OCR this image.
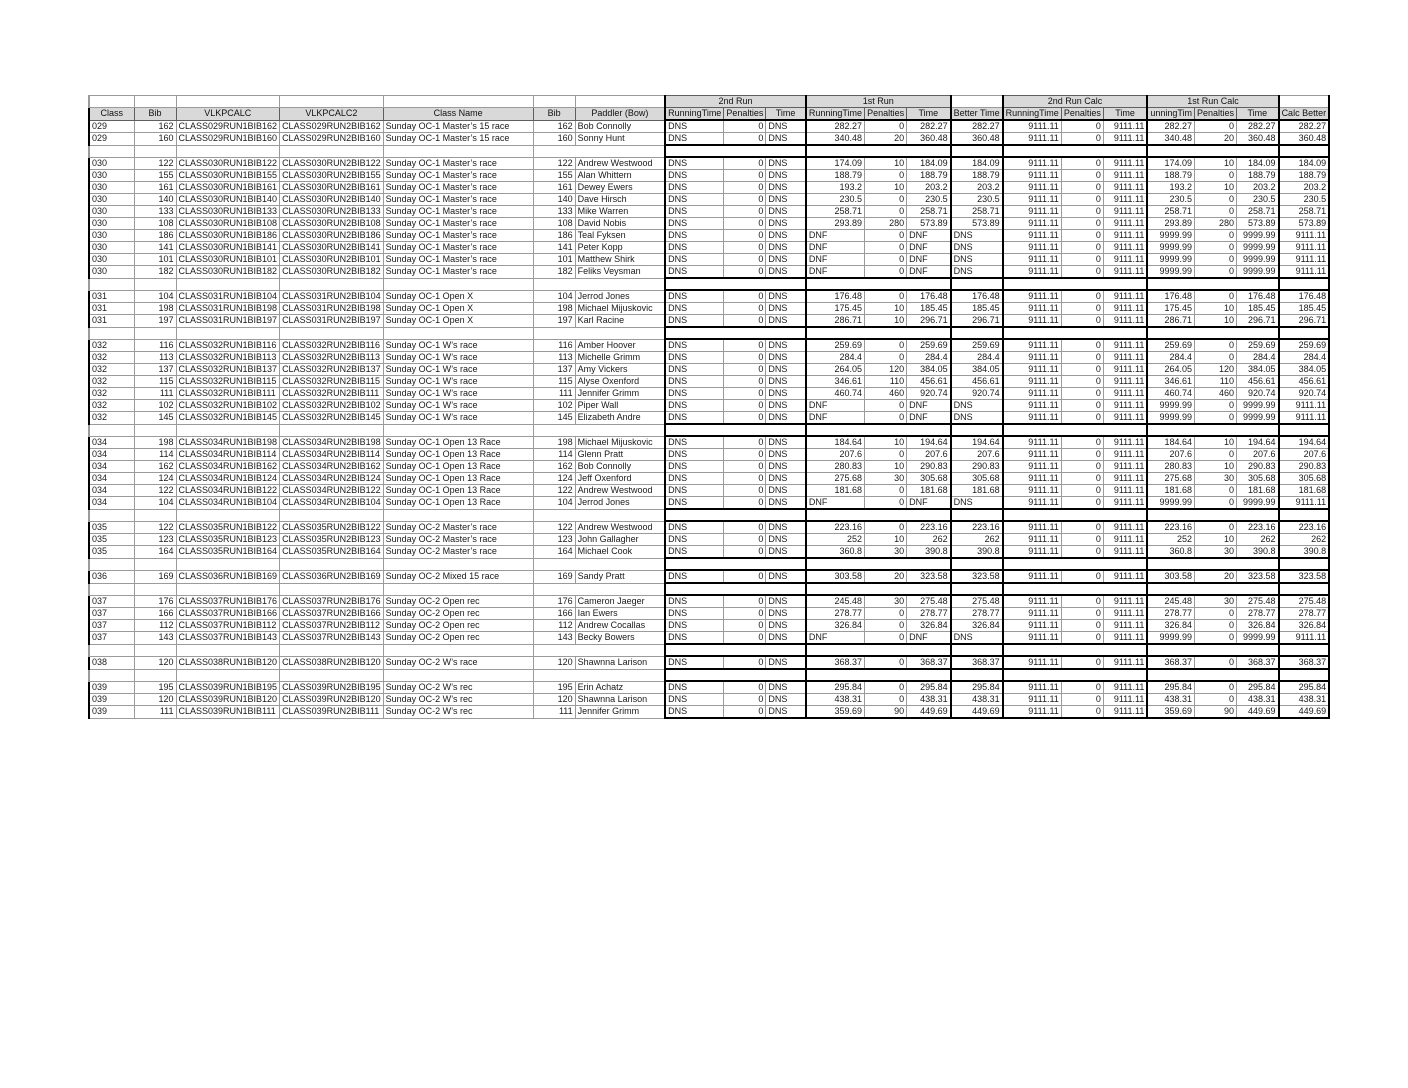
							2nd Run			1st Run				2nd Run Calc			1st Run Calc			
Class	Bib	VLKPCALC	VLKPCALC2	Class Name	Bib	Paddler (Bow)	RunningTime	Penalties	Time	RunningTime	Penalties	Time	Better Time	RunningTime	Penalties	Time	unningTim	Penalties	Time	Calc Better
029	162	CLASS029RUN1BIB162	CLASS029RUN2BIB162	Sunday OC-1 Master’s 15 race	162	Bob Connolly	DNS	0	DNS	282.27	0	282.27	282.27	9111.11	0	9111.11	282.27	0	282.27	282.27
029	160	CLASS029RUN1BIB160	CLASS029RUN2BIB160	Sunday OC-1 Master’s 15 race	160	Sonny Hunt	DNS	0	DNS	340.48	20	360.48	360.48	9111.11	0	9111.11	340.48	20	360.48	360.48

030	122	CLASS030RUN1BIB122	CLASS030RUN2BIB122	Sunday OC-1 Master’s race	122	Andrew Westwood	DNS	0	DNS	174.09	10	184.09	184.09	9111.11	0	9111.11	174.09	10	184.09	184.09
030	155	CLASS030RUN1BIB155	CLASS030RUN2BIB155	Sunday OC-1 Master’s race	155	Alan Whittern	DNS	0	DNS	188.79	0	188.79	188.79	9111.11	0	9111.11	188.79	0	188.79	188.79
030	161	CLASS030RUN1BIB161	CLASS030RUN2BIB161	Sunday OC-1 Master’s race	161	Dewey Ewers	DNS	0	DNS	193.2	10	203.2	203.2	9111.11	0	9111.11	193.2	10	203.2	203.2
030	140	CLASS030RUN1BIB140	CLASS030RUN2BIB140	Sunday OC-1 Master’s race	140	Dave Hirsch	DNS	0	DNS	230.5	0	230.5	230.5	9111.11	0	9111.11	230.5	0	230.5	230.5
030	133	CLASS030RUN1BIB133	CLASS030RUN2BIB133	Sunday OC-1 Master’s race	133	Mike Warren	DNS	0	DNS	258.71	0	258.71	258.71	9111.11	0	9111.11	258.71	0	258.71	258.71
030	108	CLASS030RUN1BIB108	CLASS030RUN2BIB108	Sunday OC-1 Master’s race	108	David Nobis	DNS	0	DNS	293.89	280	573.89	573.89	9111.11	0	9111.11	293.89	280	573.89	573.89
030	186	CLASS030RUN1BIB186	CLASS030RUN2BIB186	Sunday OC-1 Master’s race	186	Teal Fyksen	DNS	0	DNS	DNF	0	DNF	DNS	9111.11	0	9111.11	9999.99	0	9999.99	9111.11
030	141	CLASS030RUN1BIB141	CLASS030RUN2BIB141	Sunday OC-1 Master’s race	141	Peter Kopp	DNS	0	DNS	DNF	0	DNF	DNS	9111.11	0	9111.11	9999.99	0	9999.99	9111.11
030	101	CLASS030RUN1BIB101	CLASS030RUN2BIB101	Sunday OC-1 Master’s race	101	Matthew Shirk	DNS	0	DNS	DNF	0	DNF	DNS	9111.11	0	9111.11	9999.99	0	9999.99	9111.11
030	182	CLASS030RUN1BIB182	CLASS030RUN2BIB182	Sunday OC-1 Master’s race	182	Feliks Veysman	DNS	0	DNS	DNF	0	DNF	DNS	9111.11	0	9111.11	9999.99	0	9999.99	9111.11

031	104	CLASS031RUN1BIB104	CLASS031RUN2BIB104	Sunday OC-1 Open X	104	Jerrod Jones	DNS	0	DNS	176.48	0	176.48	176.48	9111.11	0	9111.11	176.48	0	176.48	176.48
031	198	CLASS031RUN1BIB198	CLASS031RUN2BIB198	Sunday OC-1 Open X	198	Michael Mijuskovic	DNS	0	DNS	175.45	10	185.45	185.45	9111.11	0	9111.11	175.45	10	185.45	185.45
031	197	CLASS031RUN1BIB197	CLASS031RUN2BIB197	Sunday OC-1 Open X	197	Karl Racine	DNS	0	DNS	286.71	10	296.71	296.71	9111.11	0	9111.11	286.71	10	296.71	296.71

032	116	CLASS032RUN1BIB116	CLASS032RUN2BIB116	Sunday OC-1 W’s race	116	Amber Hoover	DNS	0	DNS	259.69	0	259.69	259.69	9111.11	0	9111.11	259.69	0	259.69	259.69
032	113	CLASS032RUN1BIB113	CLASS032RUN2BIB113	Sunday OC-1 W’s race	113	Michelle Grimm	DNS	0	DNS	284.4	0	284.4	284.4	9111.11	0	9111.11	284.4	0	284.4	284.4
032	137	CLASS032RUN1BIB137	CLASS032RUN2BIB137	Sunday OC-1 W’s race	137	Amy Vickers	DNS	0	DNS	264.05	120	384.05	384.05	9111.11	0	9111.11	264.05	120	384.05	384.05
032	115	CLASS032RUN1BIB115	CLASS032RUN2BIB115	Sunday OC-1 W’s race	115	Alyse Oxenford	DNS	0	DNS	346.61	110	456.61	456.61	9111.11	0	9111.11	346.61	110	456.61	456.61
032	111	CLASS032RUN1BIB111	CLASS032RUN2BIB111	Sunday OC-1 W’s race	111	Jennifer Grimm	DNS	0	DNS	460.74	460	920.74	920.74	9111.11	0	9111.11	460.74	460	920.74	920.74
032	102	CLASS032RUN1BIB102	CLASS032RUN2BIB102	Sunday OC-1 W’s race	102	Piper Wall	DNS	0	DNS	DNF	0	DNF	DNS	9111.11	0	9111.11	9999.99	0	9999.99	9111.11
032	145	CLASS032RUN1BIB145	CLASS032RUN2BIB145	Sunday OC-1 W’s race	145	Elizabeth Andre	DNS	0	DNS	DNF	0	DNF	DNS	9111.11	0	9111.11	9999.99	0	9999.99	9111.11

034	198	CLASS034RUN1BIB198	CLASS034RUN2BIB198	Sunday OC-1 Open 13 Race	198	Michael Mijuskovic	DNS	0	DNS	184.64	10	194.64	194.64	9111.11	0	9111.11	184.64	10	194.64	194.64
034	114	CLASS034RUN1BIB114	CLASS034RUN2BIB114	Sunday OC-1 Open 13 Race	114	Glenn Pratt	DNS	0	DNS	207.6	0	207.6	207.6	9111.11	0	9111.11	207.6	0	207.6	207.6
034	162	CLASS034RUN1BIB162	CLASS034RUN2BIB162	Sunday OC-1 Open 13 Race	162	Bob Connolly	DNS	0	DNS	280.83	10	290.83	290.83	9111.11	0	9111.11	280.83	10	290.83	290.83
034	124	CLASS034RUN1BIB124	CLASS034RUN2BIB124	Sunday OC-1 Open 13 Race	124	Jeff Oxenford	DNS	0	DNS	275.68	30	305.68	305.68	9111.11	0	9111.11	275.68	30	305.68	305.68
034	122	CLASS034RUN1BIB122	CLASS034RUN2BIB122	Sunday OC-1 Open 13 Race	122	Andrew Westwood	DNS	0	DNS	181.68	0	181.68	181.68	9111.11	0	9111.11	181.68	0	181.68	181.68
034	104	CLASS034RUN1BIB104	CLASS034RUN2BIB104	Sunday OC-1 Open 13 Race	104	Jerrod Jones	DNS	0	DNS	DNF	0	DNF	DNS	9111.11	0	9111.11	9999.99	0	9999.99	9111.11

035	122	CLASS035RUN1BIB122	CLASS035RUN2BIB122	Sunday OC-2 Master’s race	122	Andrew Westwood	DNS	0	DNS	223.16	0	223.16	223.16	9111.11	0	9111.11	223.16	0	223.16	223.16
035	123	CLASS035RUN1BIB123	CLASS035RUN2BIB123	Sunday OC-2 Master’s race	123	John Gallagher	DNS	0	DNS	252	10	262	262	9111.11	0	9111.11	252	10	262	262
035	164	CLASS035RUN1BIB164	CLASS035RUN2BIB164	Sunday OC-2 Master’s race	164	Michael Cook	DNS	0	DNS	360.8	30	390.8	390.8	9111.11	0	9111.11	360.8	30	390.8	390.8

036	169	CLASS036RUN1BIB169	CLASS036RUN2BIB169	Sunday OC-2 Mixed 15 race	169	Sandy Pratt	DNS	0	DNS	303.58	20	323.58	323.58	9111.11	0	9111.11	303.58	20	323.58	323.58

037	176	CLASS037RUN1BIB176	CLASS037RUN2BIB176	Sunday OC-2 Open rec	176	Cameron Jaeger	DNS	0	DNS	245.48	30	275.48	275.48	9111.11	0	9111.11	245.48	30	275.48	275.48
037	166	CLASS037RUN1BIB166	CLASS037RUN2BIB166	Sunday OC-2 Open rec	166	Ian Ewers	DNS	0	DNS	278.77	0	278.77	278.77	9111.11	0	9111.11	278.77	0	278.77	278.77
037	112	CLASS037RUN1BIB112	CLASS037RUN2BIB112	Sunday OC-2 Open rec	112	Andrew Cocallas	DNS	0	DNS	326.84	0	326.84	326.84	9111.11	0	9111.11	326.84	0	326.84	326.84
037	143	CLASS037RUN1BIB143	CLASS037RUN2BIB143	Sunday OC-2 Open rec	143	Becky Bowers	DNS	0	DNS	DNF	0	DNF	DNS	9111.11	0	9111.11	9999.99	0	9999.99	9111.11

038	120	CLASS038RUN1BIB120	CLASS038RUN2BIB120	Sunday OC-2 W’s race	120	Shawnna Larison	DNS	0	DNS	368.37	0	368.37	368.37	9111.11	0	9111.11	368.37	0	368.37	368.37

039	195	CLASS039RUN1BIB195	CLASS039RUN2BIB195	Sunday OC-2 W’s rec	195	Erin Achatz	DNS	0	DNS	295.84	0	295.84	295.84	9111.11	0	9111.11	295.84	0	295.84	295.84
039	120	CLASS039RUN1BIB120	CLASS039RUN2BIB120	Sunday OC-2 W’s rec	120	Shawnna Larison	DNS	0	DNS	438.31	0	438.31	438.31	9111.11	0	9111.11	438.31	0	438.31	438.31
039	111	CLASS039RUN1BIB111	CLASS039RUN2BIB111	Sunday OC-2 W’s rec	111	Jennifer Grimm	DNS	0	DNS	359.69	90	449.69	449.69	9111.11	0	9111.11	359.69	90	449.69	449.69
